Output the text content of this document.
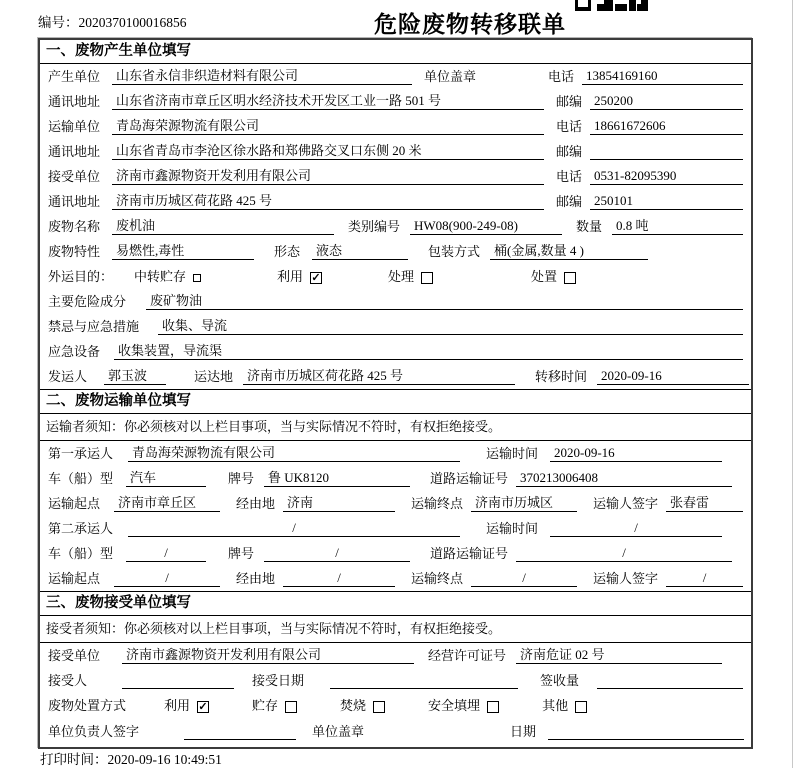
编号：2020370100016856	危险废物转移联单
一、废物产生单位填写
产生单位	山东省永信非织造材料有限公司	单位盖章	电话 13854169160
通讯地址	山东省济南市章丘区明水经济技术开发区工业一路 501 号	邮编 250200
运输单位	青岛海荣源物流有限公司	电话 18661672606
通讯地址	山东省青岛市李沧区徐水路和郑佛路交叉口东侧 20 米	邮编
接受单位	济南市鑫源物资开发利用有限公司	电话 0531-82095390
通讯地址	济南市历城区荷花路 425 号	邮编 250101
废物名称	废机油	类别编号	HW08(900-249-08)	数量	0.8 吨
废物特性	易燃性,毒性	形态	液态	包装方式	桶(金属,数量 4 )
外运目的：	中转贮存	利用 ✓	处理	处置
主要危险成分	废矿物油
禁忌与应急措施	收集、导流
应急设备	收集装置，导流渠
发运人	郭玉波	运达地	济南市历城区荷花路 425 号	转移时间	2020-09-16
二、废物运输单位填写
运输者须知：你必须核对以上栏目事项，当与实际情况不符时，有权拒绝接受。
第一承运人	青岛海荣源物流有限公司	运输时间	2020-09-16
车（船）型	汽车	牌号	鲁 UK8120	道路运输证号 370213006408
运输起点	济南市章丘区	经由地 济南	运输终点 济南市历城区	运输人签字 张春雷
第二承运人	/	运输时间	/
车（船）型	/	牌号	/	道路运输证号	/
运输起点	/	经由地	/	运输终点	/	运输人签字	/
三、废物接受单位填写
接受者须知：你必须核对以上栏目事项，当与实际情况不符时，有权拒绝接受。
接受单位	济南市鑫源物资开发利用有限公司	经营许可证号	济南危证 02 号
接受人	接受日期	签收量
废物处置方式	利用 ✓	贮存	焚烧	安全填埋	其他
单位负责人签字	单位盖章	日期
打印时间：2020-09-16 10:49:51
